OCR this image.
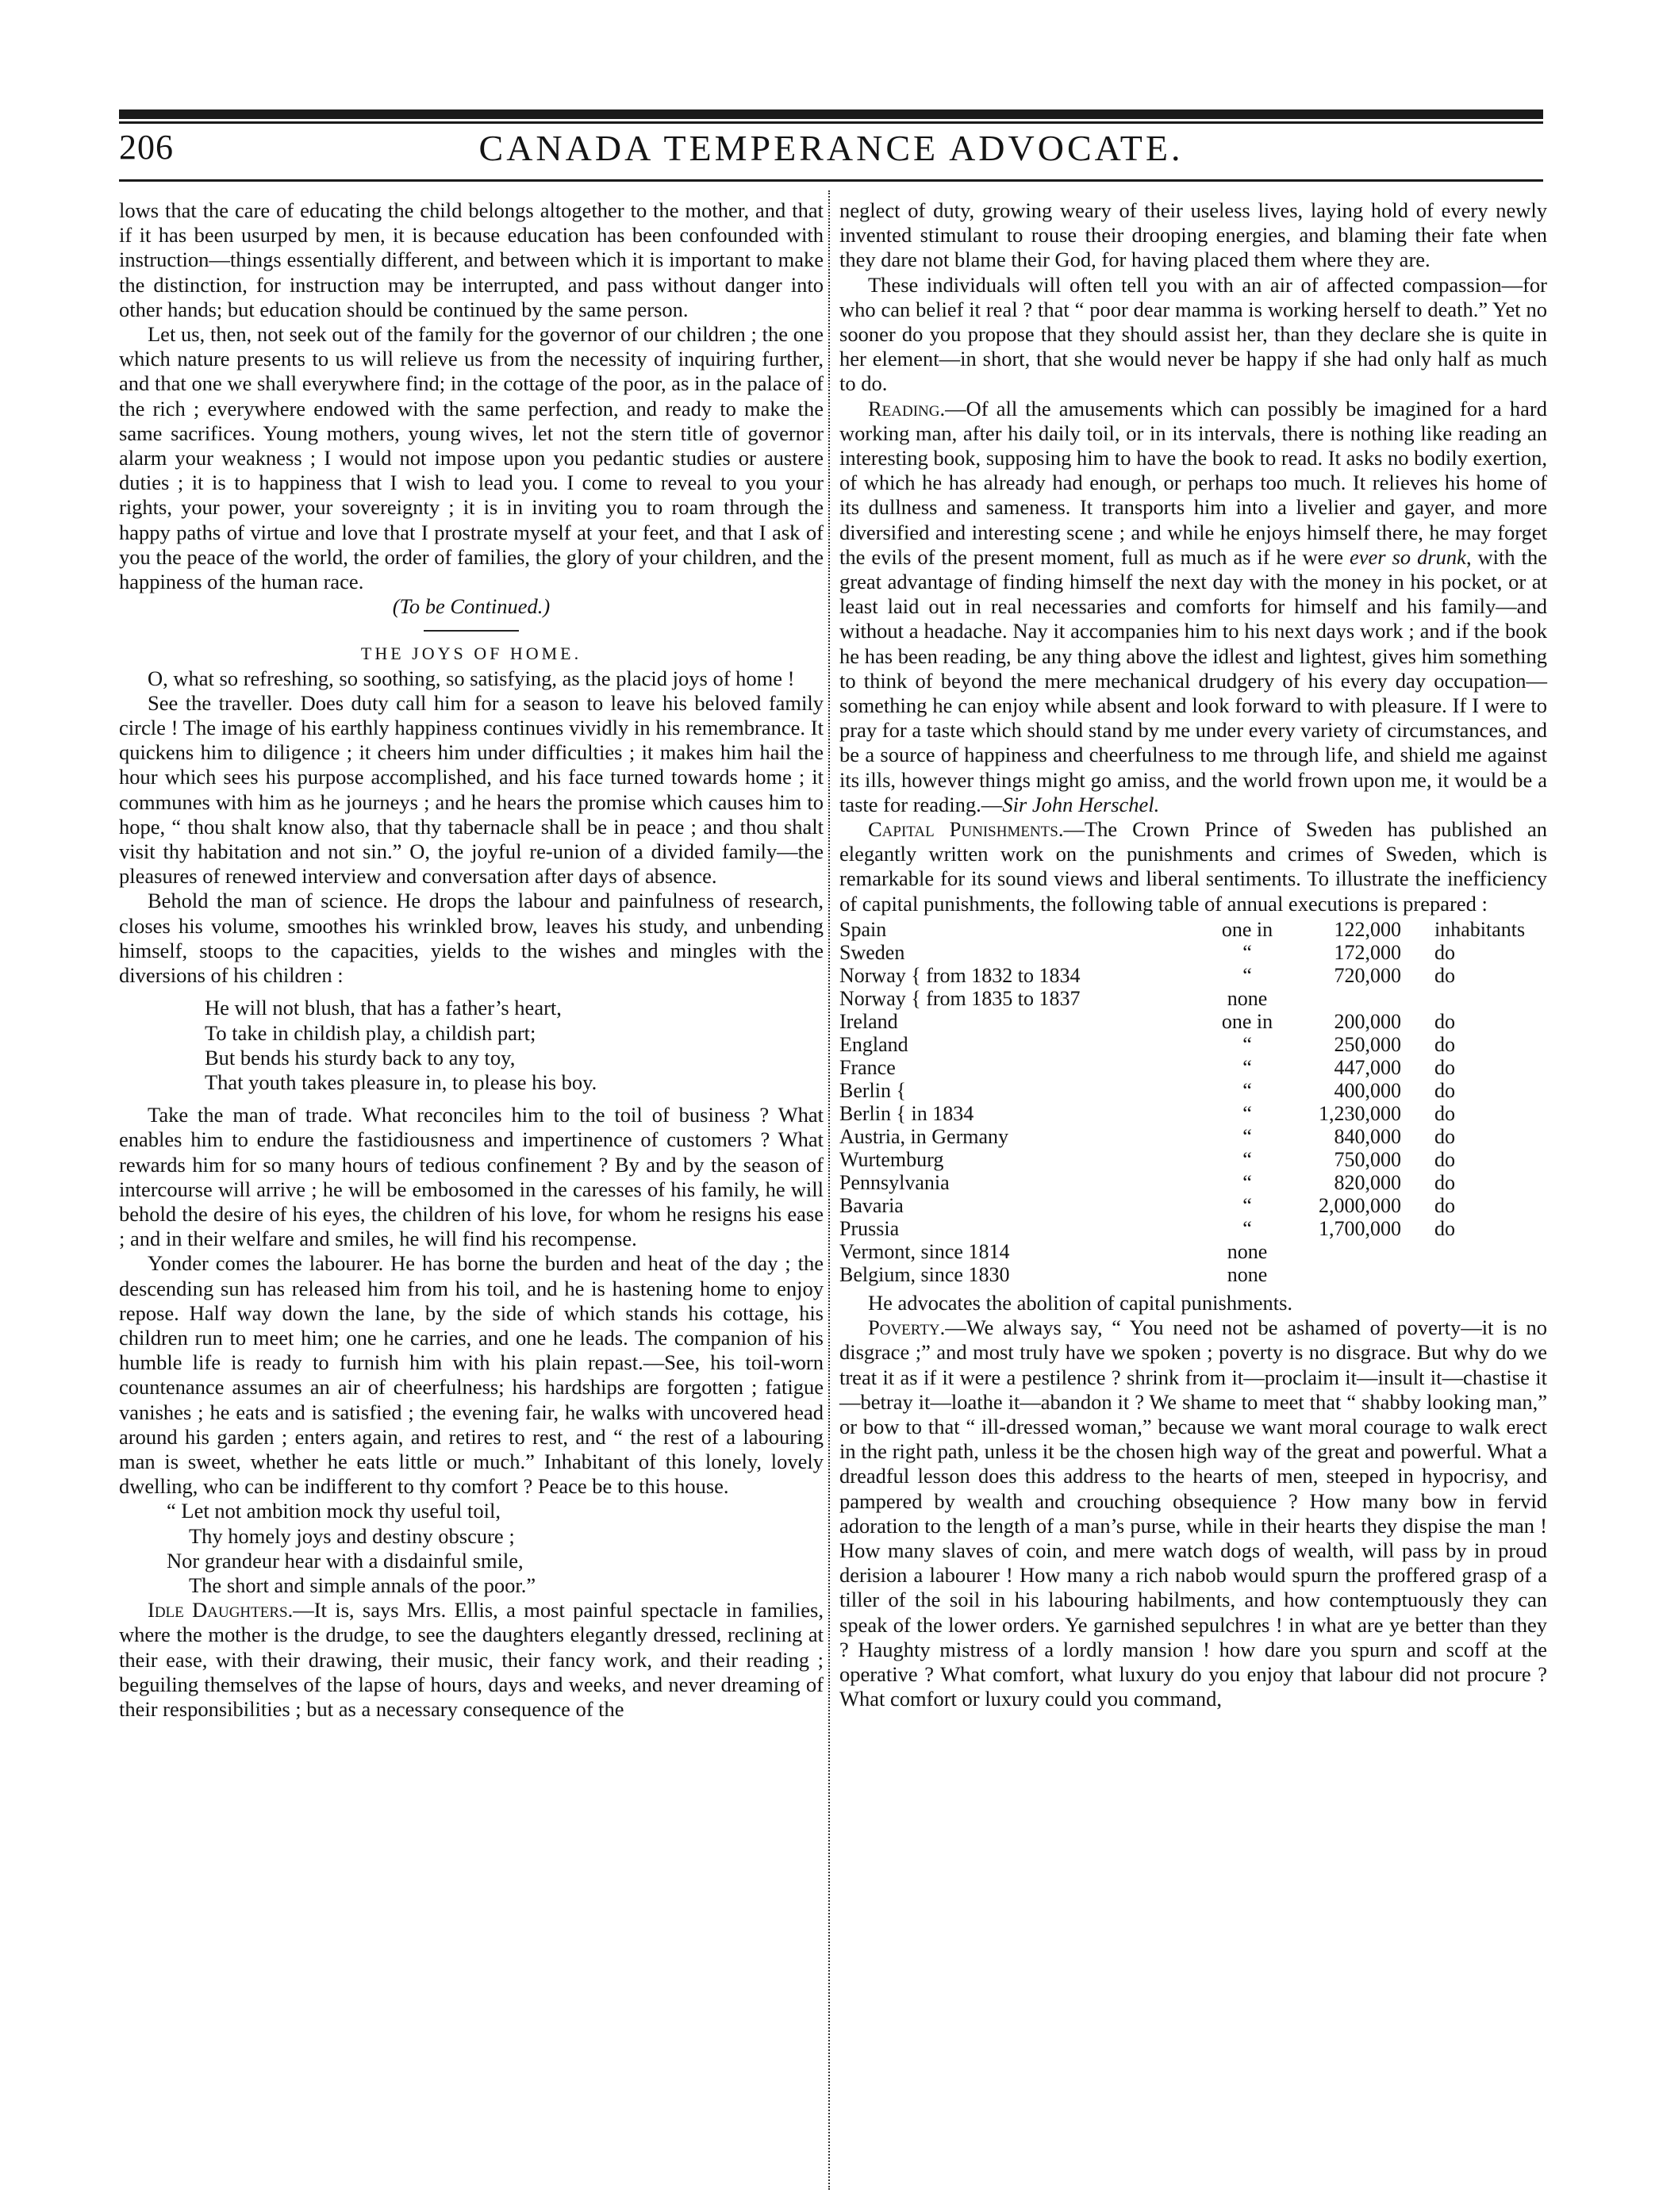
206	CANADA TEMPERANCE ADVOCATE.

lows that the care of educating the child belongs altogether to the mother, and that if it has been usurped by men, it is because education has been confounded with instruction—things essentially different, and between which it is important to make the distinction, for instruction may be interrupted, and pass without danger into other hands; but education should be continued by the same person.

Let us, then, not seek out of the family for the governor of our children ; the one which nature presents to us will relieve us from the necessity of inquiring further, and that one we shall everywhere find; in the cottage of the poor, as in the palace of the rich ; everywhere endowed with the same perfection, and ready to make the same sacrifices. Young mothers, young wives, let not the stern title of governor alarm your weakness ; I would not impose upon you pedantic studies or austere duties ; it is to happiness that I wish to lead you. I come to reveal to you your rights, your power, your sovereignty ; it is in inviting you to roam through the happy paths of virtue and love that I prostrate myself at your feet, and that I ask of you the peace of the world, the order of families, the glory of your children, and the happiness of the human race.

(To be Continued.)

THE JOYS OF HOME.

O, what so refreshing, so soothing, so satisfying, as the placid joys of home !

See the traveller. Does duty call him for a season to leave his beloved family circle ! The image of his earthly happiness continues vividly in his remembrance. It quickens him to diligence ; it cheers him under difficulties ; it makes him hail the hour which sees his purpose accomplished, and his face turned towards home ; it communes with him as he journeys ; and he hears the promise which causes him to hope, “ thou shalt know also, that thy tabernacle shall be in peace ; and thou shalt visit thy habitation and not sin.” O, the joyful re-union of a divided family—the pleasures of renewed interview and conversation after days of absence.

Behold the man of science. He drops the labour and painfulness of research, closes his volume, smoothes his wrinkled brow, leaves his study, and unbending himself, stoops to the capacities, yields to the wishes and mingles with the diversions of his children :

He will not blush, that has a father’s heart,
To take in childish play, a childish part;
But bends his sturdy back to any toy,
That youth takes pleasure in, to please his boy.

Take the man of trade. What reconciles him to the toil of business ? What enables him to endure the fastidiousness and impertinence of customers ? What rewards him for so many hours of tedious confinement ? By and by the season of intercourse will arrive ; he will be embosomed in the caresses of his family, he will behold the desire of his eyes, the children of his love, for whom he resigns his ease ; and in their welfare and smiles, he will find his recompense.

Yonder comes the labourer. He has borne the burden and heat of the day ; the descending sun has released him from his toil, and he is hastening home to enjoy repose. Half way down the lane, by the side of which stands his cottage, his children run to meet him; one he carries, and one he leads. The companion of his humble life is ready to furnish him with his plain repast.—See, his toil-worn countenance assumes an air of cheerfulness; his hardships are forgotten ; fatigue vanishes ; he eats and is satisfied ; the evening fair, he walks with uncovered head around his garden ; enters again, and retires to rest, and “ the rest of a labouring man is sweet, whether he eats little or much.” Inhabitant of this lonely, lovely dwelling, who can be indifferent to thy comfort ? Peace be to this house.

“ Let not ambition mock thy useful toil,
Thy homely joys and destiny obscure ;
Nor grandeur hear with a disdainful smile,
The short and simple annals of the poor.”

Idle Daughters.—It is, says Mrs. Ellis, a most painful spectacle in families, where the mother is the drudge, to see the daughters elegantly dressed, reclining at their ease, with their drawing, their music, their fancy work, and their reading ; beguiling themselves of the lapse of hours, days and weeks, and never dreaming of their responsibilities ; but as a necessary consequence of the

neglect of duty, growing weary of their useless lives, laying hold of every newly invented stimulant to rouse their drooping energies, and blaming their fate when they dare not blame their God, for having placed them where they are.

These individuals will often tell you with an air of affected compassion—for who can belief it real ? that “ poor dear mamma is working herself to death.” Yet no sooner do you propose that they should assist her, than they declare she is quite in her element—in short, that she would never be happy if she had only half as much to do.

Reading.—Of all the amusements which can possibly be imagined for a hard working man, after his daily toil, or in its intervals, there is nothing like reading an interesting book, supposing him to have the book to read. It asks no bodily exertion, of which he has already had enough, or perhaps too much. It relieves his home of its dullness and sameness. It transports him into a livelier and gayer, and more diversified and interesting scene ; and while he enjoys himself there, he may forget the evils of the present moment, full as much as if he were ever so drunk, with the great advantage of finding himself the next day with the money in his pocket, or at least laid out in real necessaries and comforts for himself and his family—and without a headache. Nay it accompanies him to his next days work ; and if the book he has been reading, be any thing above the idlest and lightest, gives him something to think of beyond the mere mechanical drudgery of his every day occupation—something he can enjoy while absent and look forward to with pleasure. If I were to pray for a taste which should stand by me under every variety of circumstances, and be a source of happiness and cheerfulness to me through life, and shield me against its ills, however things might go amiss, and the world frown upon me, it would be a taste for reading.—Sir John Herschel.

Capital Punishments.—The Crown Prince of Sweden has published an elegantly written work on the punishments and crimes of Sweden, which is remarkable for its sound views and liberal sentiments. To illustrate the inefficiency of capital punishments, the following table of annual executions is prepared :

Spain	one in	122,000	inhabitants
Sweden	“	172,000	do
Norway { from 1832 to 1834	“	720,000	do
Norway { from 1835 to 1837	none		
Ireland	one in	200,000	do
England	“	250,000	do
France	“	447,000	do
Berlin {	“	400,000	do
Berlin { in 1834	“	1,230,000	do
Austria, in Germany	“	840,000	do
Wurtemburg	“	750,000	do
Pennsylvania	“	820,000	do
Bavaria	“	2,000,000	do
Prussia	“	1,700,000	do
Vermont, since 1814	none		
Belgium, since 1830	none		

He advocates the abolition of capital punishments.

Poverty.—We always say, “ You need not be ashamed of poverty—it is no disgrace ;” and most truly have we spoken ; poverty is no disgrace. But why do we treat it as if it were a pestilence ? shrink from it—proclaim it—insult it—chastise it—betray it—loathe it—abandon it ? We shame to meet that “ shabby looking man,” or bow to that “ ill-dressed woman,” because we want moral courage to walk erect in the right path, unless it be the chosen high way of the great and powerful. What a dreadful lesson does this address to the hearts of men, steeped in hypocrisy, and pampered by wealth and crouching obsequience ? How many bow in fervid adoration to the length of a man’s purse, while in their hearts they dispise the man ! How many slaves of coin, and mere watch dogs of wealth, will pass by in proud derision a labourer ! How many a rich nabob would spurn the proffered grasp of a tiller of the soil in his labouring habilments, and how contemptuously they can speak of the lower orders. Ye garnished sepulchres ! in what are ye better than they ? Haughty mistress of a lordly mansion ! how dare you spurn and scoff at the operative ? What comfort, what luxury do you enjoy that labour did not procure ? What comfort or luxury could you command,
